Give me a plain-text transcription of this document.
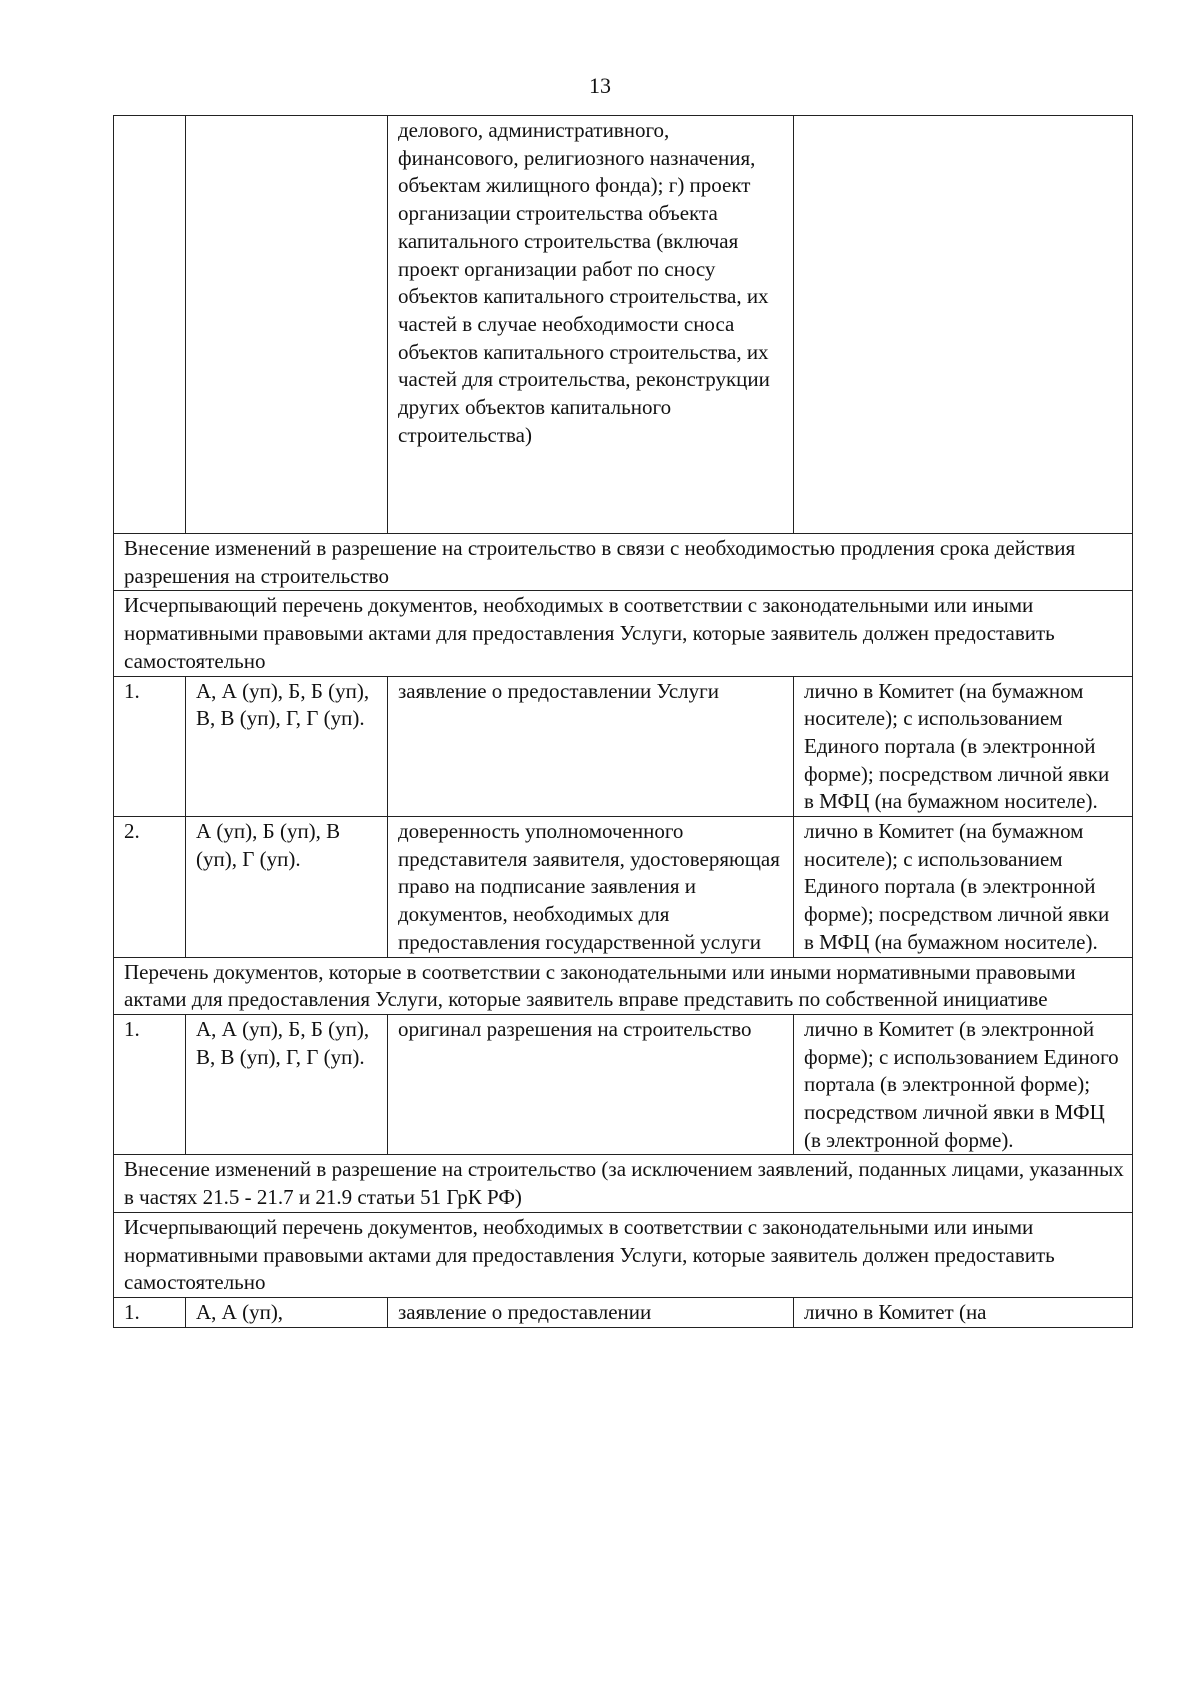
13
		делового, административного, финансового, религиозного назначения, объектам жилищного фонда); г) проект организации строительства объекта капитального строительства (включая проект организации работ по сносу объектов капитального строительства, их частей в случае необходимости сноса объектов капитального строительства, их частей для строительства, реконструкции других объектов капитального строительства)	
Внесение изменений в разрешение на строительство в связи с необходимостью продления срока действия разрешения на строительство			
Исчерпывающий перечень документов, необходимых в соответствии с законодательными или иными нормативными правовыми актами для предоставления Услуги, которые заявитель должен предоставить самостоятельно			
1.	А, А (уп), Б, Б (уп), В, В (уп), Г, Г (уп).	заявление о предоставлении Услуги	лично в Комитет (на бумажном носителе); с использованием Единого портала (в электронной форме); посредством личной явки в МФЦ (на бумажном носителе).
2.	А (уп), Б (уп), В (уп), Г (уп).	доверенность уполномоченного представителя заявителя, удостоверяющая право на подписание заявления и документов, необходимых для предоставления государственной услуги	лично в Комитет (на бумажном носителе); с использованием Единого портала (в электронной форме); посредством личной явки в МФЦ (на бумажном носителе).
Перечень документов, которые в соответствии с законодательными или иными нормативными правовыми актами для предоставления Услуги, которые заявитель вправе представить по собственной инициативе			
1.	А, А (уп), Б, Б (уп), В, В (уп), Г, Г (уп).	оригинал разрешения на строительство	лично в Комитет (в электронной форме); с использованием Единого портала (в электронной форме); посредством личной явки в МФЦ (в электронной форме).
Внесение изменений в разрешение на строительство (за исключением заявлений, поданных лицами, указанных в частях 21.5 - 21.7 и 21.9 статьи 51 ГрК РФ)			
Исчерпывающий перечень документов, необходимых в соответствии с законодательными или иными нормативными правовыми актами для предоставления Услуги, которые заявитель должен предоставить самостоятельно			
1.	А, А (уп),	заявление о предоставлении	лично в Комитет (на
